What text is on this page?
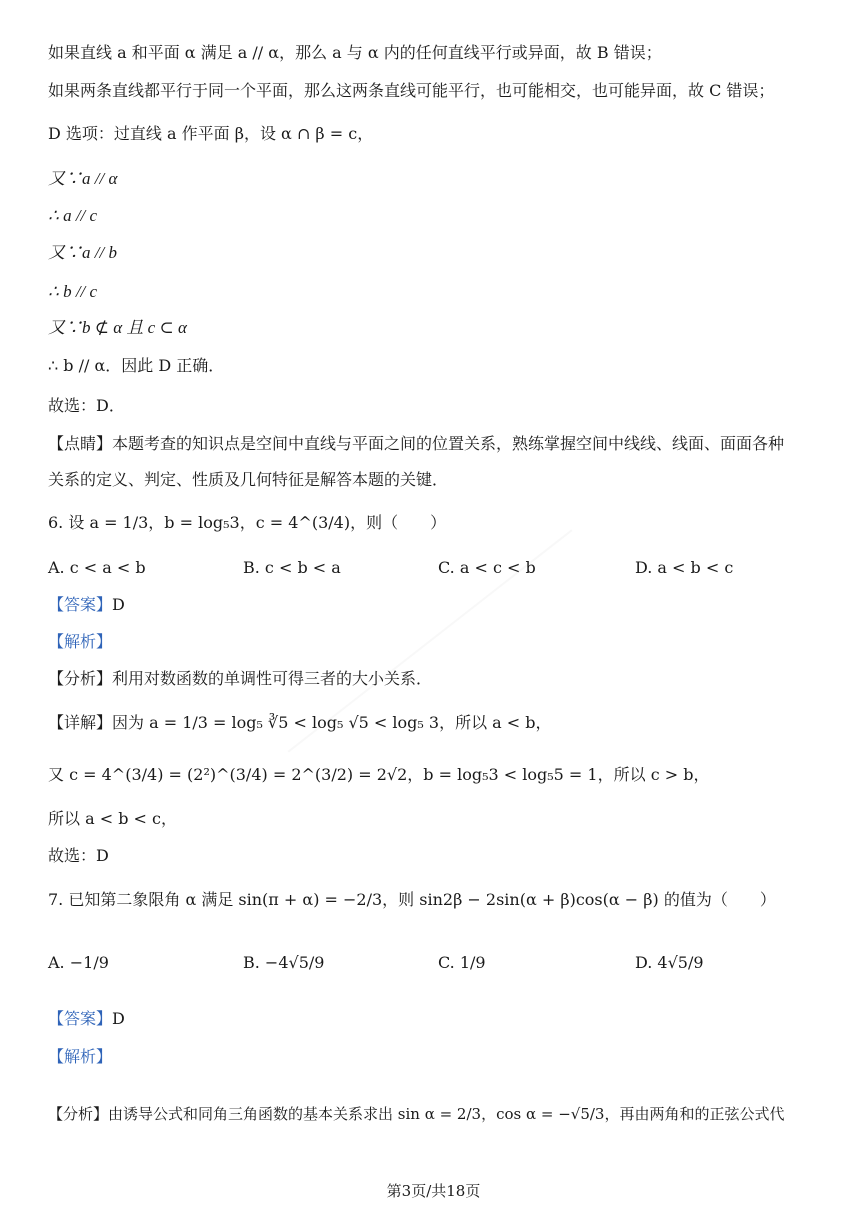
如果直线 a 和平面 α 满足 a // α，那么 a 与 α 内的任何直线平行或异面，故 B 错误；
如果两条直线都平行于同一个平面，那么这两条直线可能平行，也可能相交，也可能异面，故 C 错误；
D 选项：过直线 a 作平面 β，设 α ∩ β = c，
又∵a // α
∴ a // c
又∵a // b
∴ b // c
又∵b ⊄ α 且 c ⊂ α
∴ b // α．因此 D 正确．
故选：D．
【点睛】本题考查的知识点是空间中直线与平面之间的位置关系，熟练掌握空间中线线、线面、面面各种
关系的定义、判定、性质及几何特征是解答本题的关键．
6. 设 a = 1/3，b = log₅3，c = 4^(3/4)，则（　　）
A. c < a < b	B. c < b < a	C. a < c < b	D. a < b < c
【答案】D
【解析】
【分析】利用对数函数的单调性可得三者的大小关系．
【详解】因为 a = 1/3 = log₅ ∛5 < log₅ √5 < log₅ 3，所以 a < b，
又 c = 4^(3/4) = (2²)^(3/4) = 2^(3/2) = 2√2，b = log₅3 < log₅5 = 1，所以 c > b，
所以 a < b < c，
故选：D
7. 已知第二象限角 α 满足 sin(π + α) = −2/3，则 sin2β − 2sin(α + β)cos(α − β) 的值为（　　）
A. −1/9	B. −4√5/9	C. 1/9	D. 4√5/9
【答案】D
【解析】
【分析】由诱导公式和同角三角函数的基本关系求出 sin α = 2/3，cos α = −√5/3，再由两角和的正弦公式代
第3页/共18页
